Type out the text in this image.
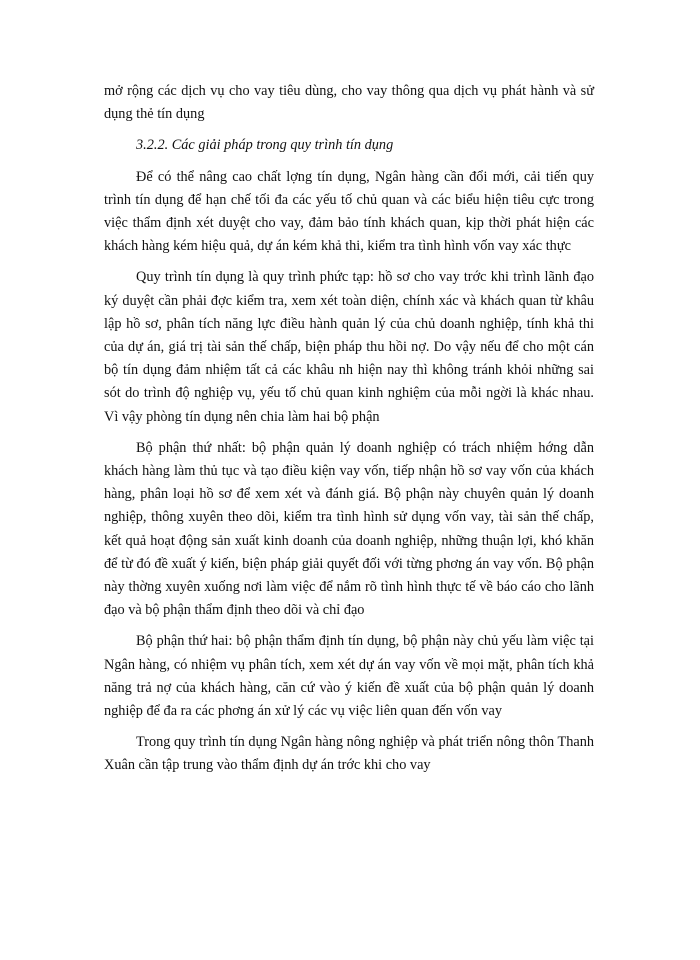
mở rộng các dịch vụ cho vay tiêu dùng, cho vay thông qua dịch vụ phát hành và sử dụng thẻ tín dụng

3.2.2. Các giải pháp trong quy trình tín dụng

Để có thể nâng cao chất lợng tín dụng, Ngân hàng cần đổi mới, cải tiến quy trình tín dụng để hạn chế tối đa các yếu tố chủ quan và các biểu hiện tiêu cực trong việc thẩm định xét duyệt cho vay, đảm bảo tính khách quan, kịp thời phát hiện các khách hàng kém hiệu quả, dự án kém khả thi, kiểm tra tình hình vốn vay xác thực

Quy trình tín dụng là quy trình phức tạp: hồ sơ cho vay trớc khi trình lãnh đạo ký duyệt cần phải đợc kiểm tra, xem xét toàn diện, chính xác và khách quan từ khâu lập hồ sơ, phân tích năng lực điều hành quản lý của chủ doanh nghiệp, tính khả thi của dự án, giá trị tài sản thế chấp, biện pháp thu hồi nợ. Do vậy nếu để cho một cán bộ tín dụng đảm nhiệm tất cả các khâu nh hiện nay thì không tránh khỏi những sai sót do trình độ nghiệp vụ, yếu tố chủ quan kinh nghiệm của mỗi ngời là khác nhau. Vì vậy phòng tín dụng nên chia làm hai bộ phận

Bộ phận thứ nhất: bộ phận quản lý doanh nghiệp có trách nhiệm hớng dẫn khách hàng làm thủ tục và tạo điều kiện vay vốn, tiếp nhận hồ sơ vay vốn của khách hàng, phân loại hồ sơ để xem xét và đánh giá. Bộ phận này chuyên quản lý doanh nghiệp, thông xuyên theo dõi, kiểm tra tình hình sử dụng vốn vay, tài sản thế chấp, kết quả hoạt động sản xuất kinh doanh của doanh nghiệp, những thuận lợi, khó khăn để từ đó đề xuất ý kiến, biện pháp giải quyết đối với từng phơng án vay vốn. Bộ phận này thờng xuyên xuống nơi làm việc để nắm rõ tình hình thực tế về báo cáo cho lãnh đạo và bộ phận thẩm định theo dõi và chỉ đạo

Bộ phận thứ hai: bộ phận thẩm định tín dụng, bộ phận này chủ yếu làm việc tại Ngân hàng, có nhiệm vụ phân tích, xem xét dự án vay vốn về mọi mặt, phân tích khả năng trả nợ của khách hàng, căn cứ vào ý kiến đề xuất của bộ phận quản lý doanh nghiệp để đa ra các phơng án xử lý các vụ việc liên quan đến vốn vay

Trong quy trình tín dụng Ngân hàng nông nghiệp và phát triển nông thôn Thanh Xuân cần tập trung vào thẩm định dự án trớc khi cho vay
